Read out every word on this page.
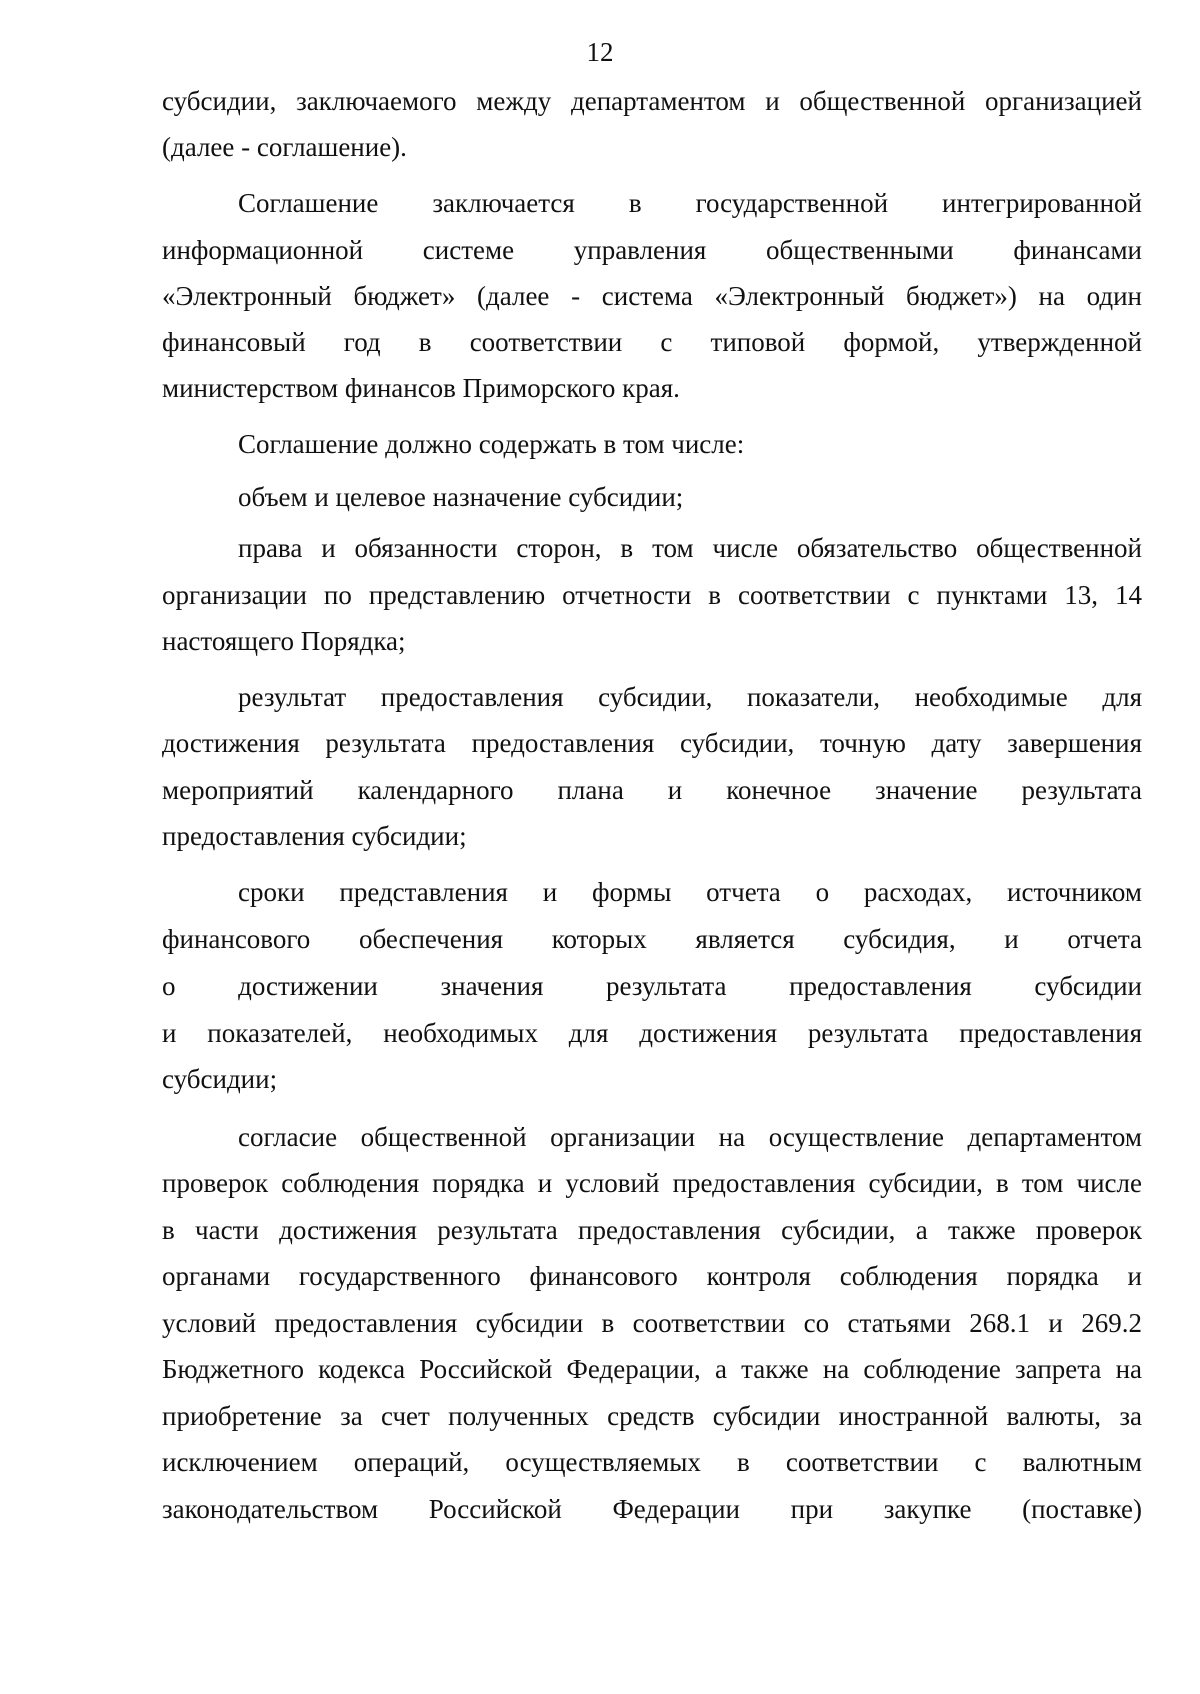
12
субсидии, заключаемого между департаментом и общественной организацией
(далее - соглашение).
Соглашение заключается в государственной интегрированной
информационной системе управления общественными финансами
«Электронный бюджет» (далее - система «Электронный бюджет») на один
финансовый год в соответствии с типовой формой, утвержденной
министерством финансов Приморского края.
Соглашение должно содержать в том числе:
объем и целевое назначение субсидии;
права и обязанности сторон, в том числе обязательство общественной
организации по представлению отчетности в соответствии с пунктами 13, 14
настоящего Порядка;
результат предоставления субсидии, показатели, необходимые для
достижения результата предоставления субсидии, точную дату завершения
мероприятий календарного плана и конечное значение результата
предоставления субсидии;
сроки представления и формы отчета о расходах, источником
финансового обеспечения которых является субсидия, и отчета
о достижении значения результата предоставления субсидии
и показателей, необходимых для достижения результата предоставления
субсидии;
согласие общественной организации на осуществление департаментом
проверок соблюдения порядка и условий предоставления субсидии, в том числе
в части достижения результата предоставления субсидии, а также проверок
органами государственного финансового контроля соблюдения порядка и
условий предоставления субсидии в соответствии со статьями 268.1 и 269.2
Бюджетного кодекса Российской Федерации, а также на соблюдение запрета на
приобретение за счет полученных средств субсидии иностранной валюты, за
исключением операций, осуществляемых в соответствии с валютным
законодательством Российской Федерации при закупке (поставке)
